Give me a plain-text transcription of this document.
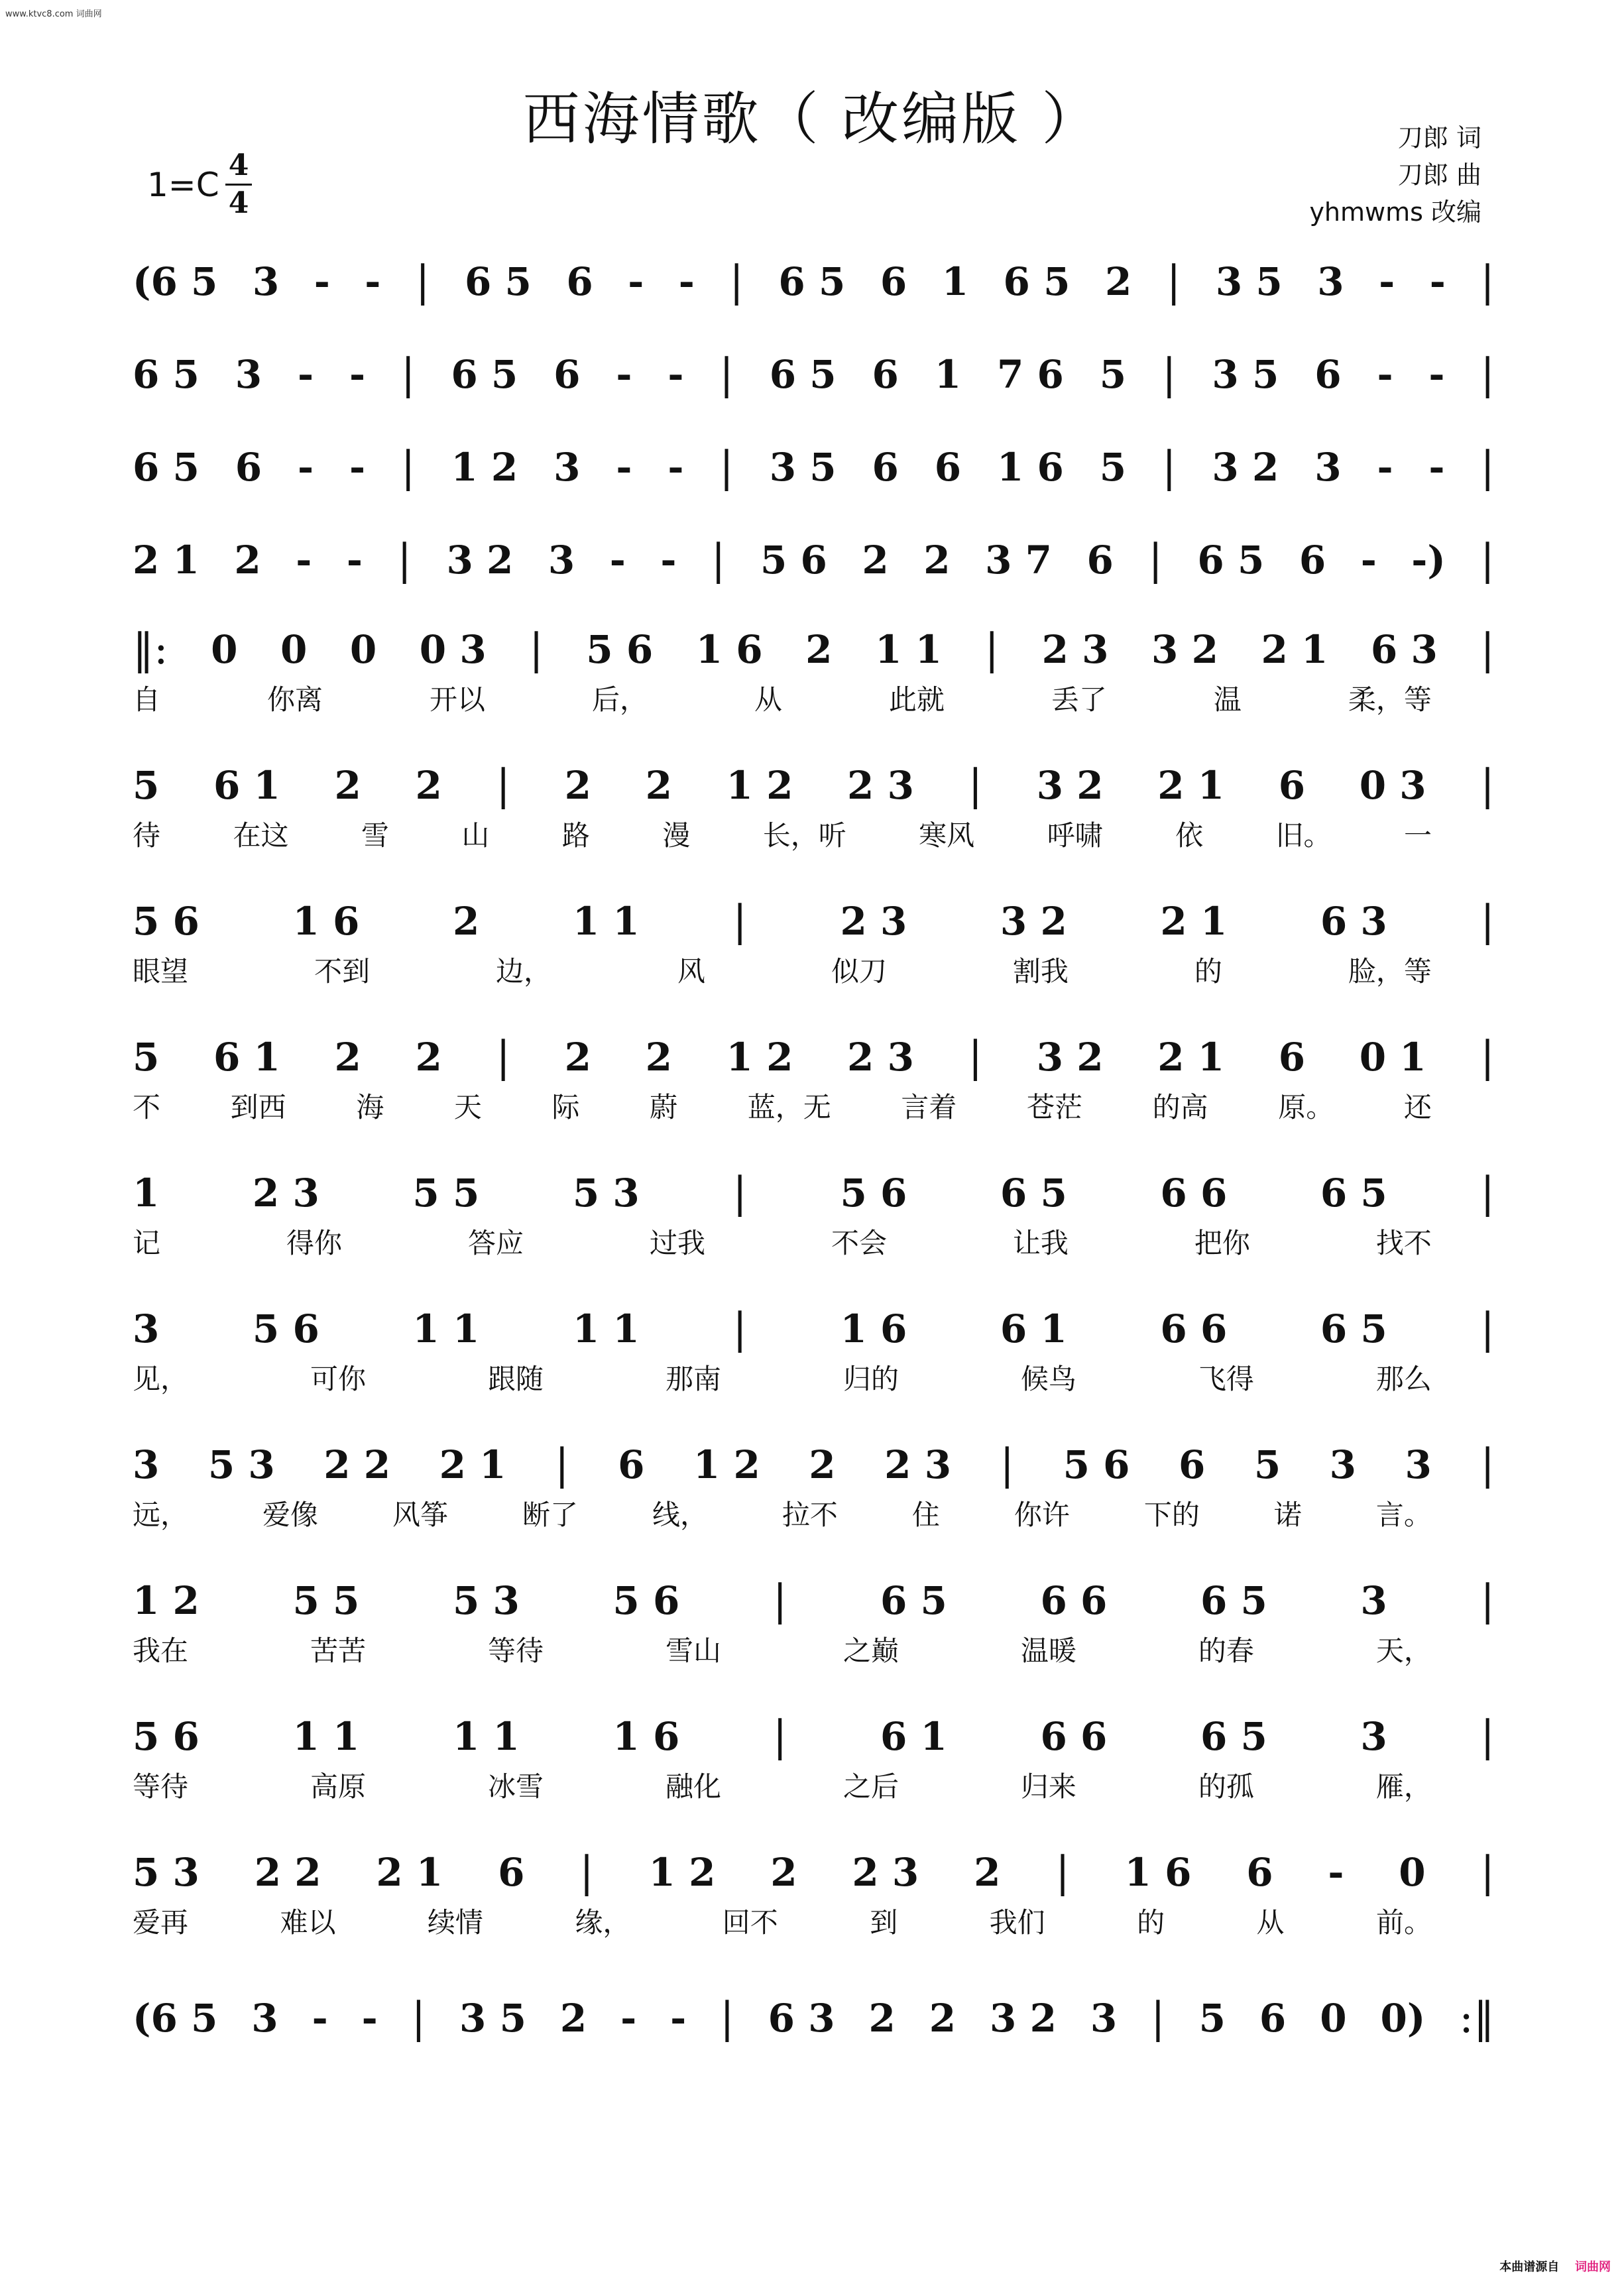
www.ktvc8.com 词曲网
西海情歌（ 改编版 ）	刀郎 词
刀郎 曲
yhmwms 改编
1=C
4
4
(6 5 3 - - | 6 5 6 - - | 6 5 6 1 6 5 2 | 3 5 3 - - |
6 5 3 - - | 6 5 6 - - | 6 5 6 1 7 6 5 | 3 5 6 - - |
6 5 6 - - | 1 2 3 - - | 3 5 6 6 1 6 5 | 3 2 3 - - |
2 1 2 - - | 3 2 3 - - | 5 6 2 2 3 7 6 | 6 5 6 - -) |
‖: 0 0 0 0 3 | 5 6 1 6 2 1 1 | 2 3 3 2 2 1 6 3 |
自	你离	开以	后，	从	此就	丢了	温	柔，等
5 6 1 2 2 | 2 2 1 2 2 3 | 3 2 2 1 6 0 3 |
待	在这	雪	山	路	漫	长，听	寒风	呼啸	依	旧。	一
5 6 1 6 2 1 1 | 2 3 3 2 2 1 6 3 |
眼望	不到	边，	风	似刀	割我	的	脸，等
5 6 1 2 2 | 2 2 1 2 2 3 | 3 2 2 1 6 0 1 |
不	到西	海	天	际	蔚	蓝，无	言着	苍茫	的高	原。	还
1 2 3 5 5 5 3 | 5 6 6 5 6 6 6 5 |
记	得你	答应	过我	不会	让我	把你	找不
3 5 6 1 1 1 1 | 1 6 6 1 6 6 6 5 |
见，	可你	跟随	那南	归的	候鸟	飞得	那么
3 5 3 2 2 2 1 | 6 1 2 2 2 3 | 5 6 6 5 3 3 |
远，	爱像	风筝	断了	线，	拉不	住	你许	下的	诺	言。
1 2 5 5 5 3 5 6 | 6 5 6 6 6 5 3 |
我在	苦苦	等待	雪山	之巅	温暖	的春	天，
5 6 1 1 1 1 1 6 | 6 1 6 6 6 5 3 |
等待	高原	冰雪	融化	之后	归来	的孤	雁，
5 3 2 2 2 1 6 | 1 2 2 2 3 2 | 1 6 6 - 0 |
爱再	难以	续情	缘，	回不	到	我们	的	从	前。
(6 5 3 - - | 3 5 2 - - | 6 3 2 2 3 2 3 | 5 6 0 0) :‖
本曲谱源自 词曲网
